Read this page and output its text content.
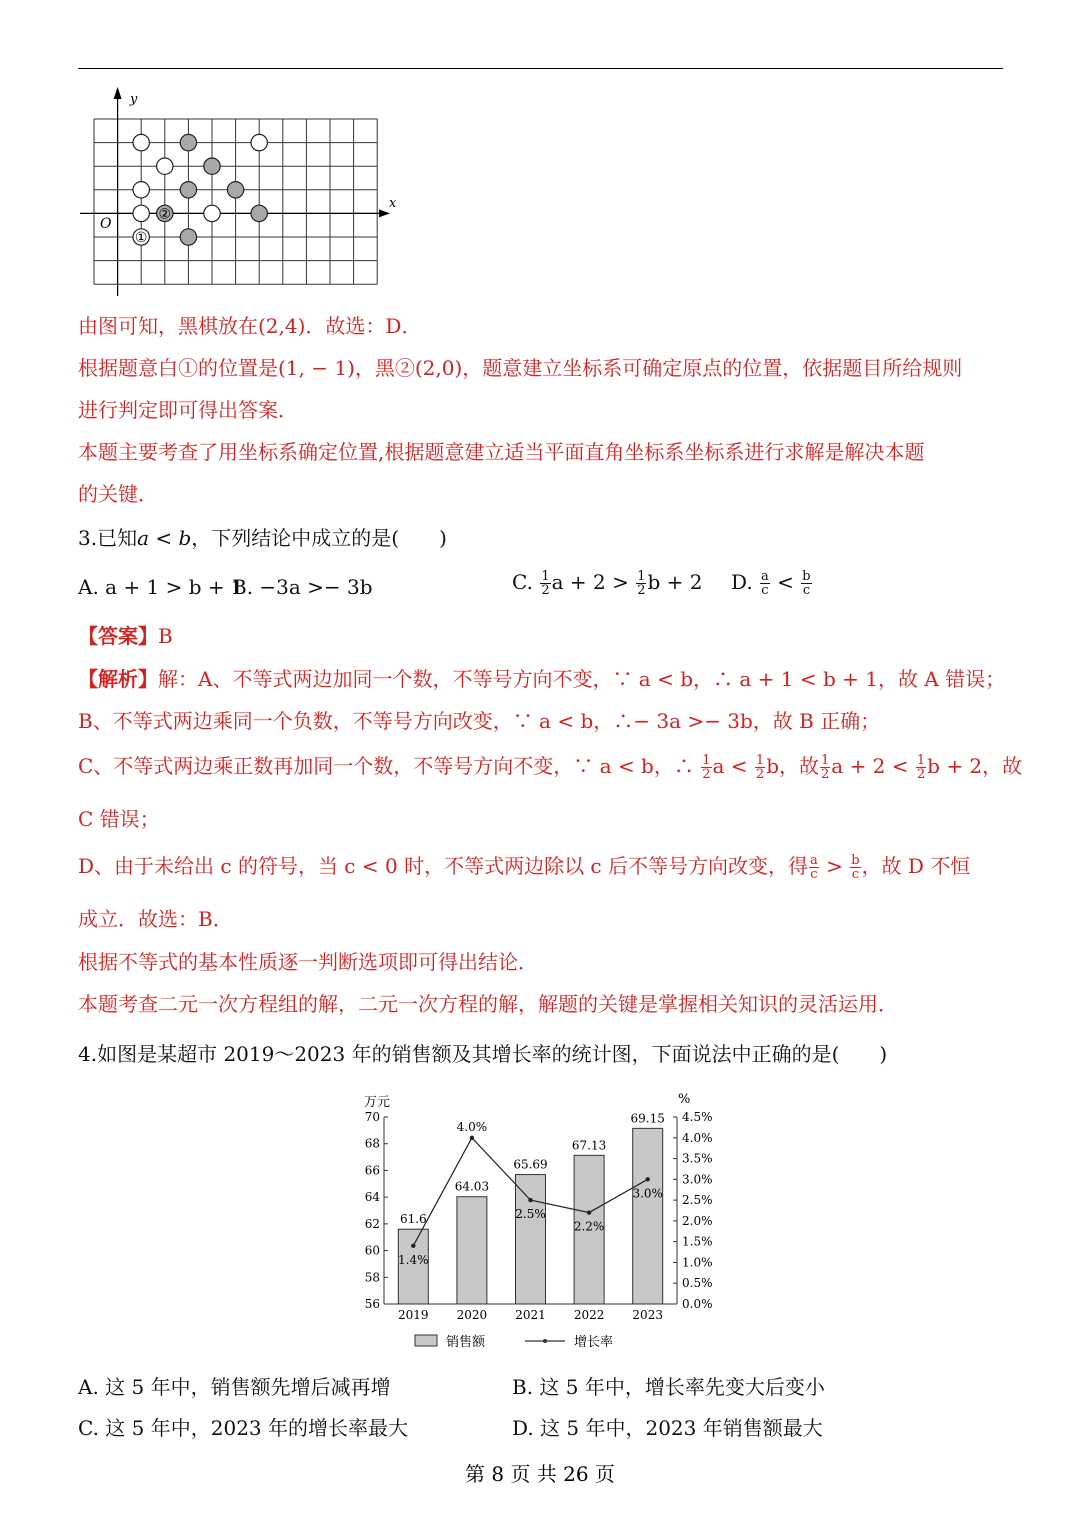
②
①
y
x
O
由图可知，黑棋放在(2,4)．故选：D．
根据题意白①的位置是(1, − 1)，黑②(2,0)，题意建立坐标系可确定原点的位置，依据题目所给规则
进行判定即可得出答案．
本题主要考查了用坐标系确定位置,根据题意建立适当平面直角坐标系坐标系进行求解是解决本题
的关键．
3.已知a < b，下列结论中成立的是(　　)
A. a + 1 > b + 1
B. −3a >− 3b	C. $\frac{1}{2}$ $a + 2 > \frac{1}{2}$ b + 2 D. $\frac{a}{c} < \frac{b}{c}$
【答案】B
【解析】解：A、不等式两边加同一个数，不等号方向不变，∵ a < b，∴ a + 1 < b + 1，故 A 错误；
B、不等式两边乘同一个负数，不等号方向改变，∵ a < b，∴− 3a >− 3b，故 B 正确；
C、不等式两边乘正数再加同一个数，不等号方向不变，∵ a < b，∴ $\frac{1}{2}$ $a < \frac{1}{2}$ b，故 $\frac{1}{2}$ $a + 2 < \frac{1}{2}$ b + 2，故
C 错误；
D、由于未给出 c 的符号，当 c < 0 时，不等式两边除以 c 后不等号方向改变，得 $\frac{a}{c} > \frac{b}{c}$ ，故 D 不恒
成立．故选：B．
根据不等式的基本性质逐一判断选项即可得出结论．
本题考查二元一次方程组的解，二元一次方程的解，解题的关键是掌握相关知识的灵活运用．
4.如图是某超市 2019～2023 年的销售额及其增长率的统计图，下面说法中正确的是(　　)
56
58
60
62
64
66
68
70
0.0%
0.5%
1.0%
1.5%
2.0%
2.5%
3.0%
3.5%
4.0%
4.5%
61.6
2019
64.03
2020
65.69
2021
67.13
2022
69.15
2023
1.4%
4.0%
2.5%
2.2%
3.0%
万元	%
销售额	增长率
A. 这 5 年中，销售额先增后减再增	B. 这 5 年中，增长率先变大后变小
C. 这 5 年中，2023 年的增长率最大	D. 这 5 年中，2023 年销售额最大
第 8 页 共 26 页
